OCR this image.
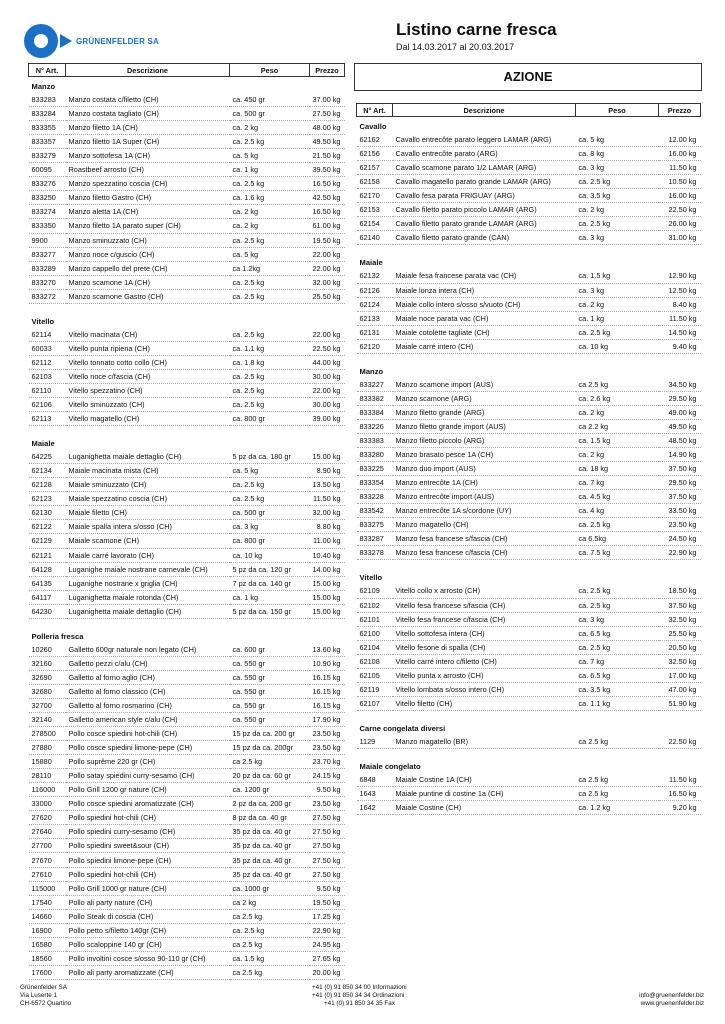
GRÜNENFELDER SA
Listino carne fresca
Dal 14.03.2017 al 20.03.2017
N° Art.	Descrizione	Peso	Prezzo
Manzo			
833283	Manzo costata c/filetto (CH)	ca. 450 gr	37.00 kg
833284	Manzo costata tagliato (CH)	ca. 500 gr	27.50 kg
833355	Manzo filetto 1A (CH)	ca. 2 kg	48.00 kg
833357	Manzo filetto 1A Super (CH)	ca. 2.5 kg	49.50 kg
833279	Manzo sottofesa 1A (CH)	ca. 5 kg	21.50 kg
60095	Roastbeef arrosto (CH)	ca. 1 kg	39.50 kg
833276	Manzo spezzatino coscia (CH)	ca. 2.5 kg	16.50 kg
833250	Manzo filetto Gastro (CH)	ca. 1.6 kg	42.50 kg
833274	Manzo aletta 1A (CH)	ca. 2 kg	16.50 kg
833350	Manzo filetto 1A parato super (CH)	ca. 2 kg	61.00 kg
9900	Manzo sminuzzato (CH)	ca. 2.5 kg	19.50 kg
833277	Manzo noce c/guscio (CH)	ca. 5 kg	22.00 kg
833289	Manzo cappello del prete (CH)	ca 1.2kg	22.00 kg
833270	Manzo scamone 1A (CH)	ca. 2.5 kg	32.00 kg
833272	Manzo scamone Gastro (CH)	ca. 2.5 kg	25.50 kg

Vitello			
62114	Vitello macinata (CH)	ca. 2.5 kg	22.00 kg
60033	Vitello punta ripiena (CH)	ca. 1.1 kg	22.50 kg
62112	Vitello tonnato cotto collo (CH)	ca. 1.8 kg	44.00 kg
62103	Vitello noce c/fascia (CH)	ca. 2.5 kg	30.00 kg
62110	Vitello spezzatino (CH)	ca. 2.5 kg	22.00 kg
62106	Vitello sminuzzato (CH)	ca. 2.5 kg	30.00 kg
62113	Vitello magatello (CH)	ca. 800 gr	39.00 kg

Maiale			
64225	Luganighetta maiale dettaglio (CH)	5 pz da ca. 180 gr	15.00 kg
62134	Maiale macinata mista (CH)	ca. 5 kg	8.90 kg
62128	Maiale sminuzzato (CH)	ca. 2.5 kg	13.50 kg
62123	Maiale spezzatino coscia (CH)	ca. 2.5 kg	11.50 kg
62130	Maiale filetto (CH)	ca. 500 gr	32.00 kg
62122	Maiale spalla intera s/osso (CH)	ca. 3 kg	8.80 kg
62129	Maiale scamone (CH)	ca. 800 gr	11.00 kg
62121	Maiale carré lavorato (CH)	ca. 10 kg	10.40 kg
64128	Luganighe maiale nostrane carnevale (CH)	5 pz da ca. 120 gr	14.00 kg
64135	Luganighe nostrane x griglia (CH)	7 pz da ca. 140 gr	15.00 kg
64117	Luganighetta maiale rotonda (CH)	ca. 1 kg	15.00 kg
64230	Luganighetta maiale dettaglio (CH)	5 pz da ca. 150 gr	15.00 kg

Polleria fresca			
10260	Galletto 600gr naturale non legato (CH)	ca. 600 gr	13.60 kg
32160	Galletto pezzi c/alu (CH)	ca. 550 gr	10.90 kg
32690	Galletto al forno aglio (CH)	ca. 550 gr	16.15 kg
32680	Galletto al forno classico (CH)	ca. 550 gr	16.15 kg
32700	Galletto al forno rosmarino (CH)	ca. 550 gr	16.15 kg
32140	Galletto american style c/alu (CH)	ca. 550 gr	17.90 kg
278500	Pollo cosce spiedini hot-chili (CH)	15 pz da ca. 200 gr	23.50 kg
27880	Pollo cosce spiedini limone-pepe (CH)	15 pz da ca. 200gr	23.50 kg
15880	Pollo suprême 220 gr (CH)	ca 2.5 kg	23.70 kg
28110	Pollo satay spiedini curry-sesamo (CH)	20 pz da ca. 60 gr	24.15 kg
116000	Pollo Grill 1200 gr nature (CH)	ca. 1200 gr	9.50 kg
33000	Pollo cosce spiedini aromatizzate (CH)	2 pz da ca. 200 gr	23.50 kg
27620	Pollo spiedini hot-chili (CH)	8 pz da ca. 40 gr	27.50 kg
27640	Pollo spiedini curry-sesamo (CH)	35 pz da ca. 40 gr	27.50 kg
27700	Pollo spiedini sweet&sour (CH)	35 pz da ca. 40 gr	27.50 kg
27670	Pollo spiedini limone-pepe (CH)	35 pz da ca. 40 gr	27.50 kg
27610	Pollo spiedini hot-chili (CH)	35 pz da ca. 40 gr	27.50 kg
115000	Pollo Grill 1000 gr nature (CH)	ca. 1000 gr	9.50 kg
17540	Pollo ali party nature (CH)	ca 2 kg	19.50 kg
14660	Pollo Steak di coscia (CH)	ca 2.5 kg	17.25 kg
16900	Pollo petto s/filetto 140gr (CH)	ca. 2.5 kg	22.90 kg
16580	Pollo scaloppine 140 gr (CH)	ca 2.5 kg	24.95 kg
18560	Pollo involtini cosce s/osso 90-110 gr (CH)	ca. 1.5 kg	27.65 kg
17600	Pollo ali party aromatizzate (CH)	ca 2.5 kg	20.00 kg
AZIONE
N° Art.	Descrizione	Peso	Prezzo
Cavallo			
62162	Cavallo entrecôte parato leggero LAMAR (ARG)	ca. 5 kg	12.00 kg
62156	Cavallo entrecôte parato (ARG)	ca. 8 kg	16.00 kg
62157	Cavallo scamone parato 1/2 LAMAR (ARG)	ca. 3 kg	11.50 kg
62158	Cavallo magatello parato grande LAMAR (ARG)	ca. 2.5 kg	10.50 kg
62170	Cavallo fesa parata FRIGUAY (ARG)	ca. 3.5 kg	16.00 kg
62153	Cavallo filetto parato piccolo LAMAR (ARG)	ca. 2 kg	22.50 kg
62154	Cavallo filetto parato grande LAMAR (ARG)	ca. 2.5 kg	26.00 kg
62140	Cavallo filetto parato grande (CAN)	ca. 3 kg	31.00 kg

Maiale			
62132	Maiale fesa francese parata vac (CH)	ca. 1.5 kg	12.90 kg
62126	Maiale lonza intera (CH)	ca. 3 kg	12.50 kg
62124	Maiale collo intero s/osso s/vuoto (CH)	ca. 2 kg	8.40 kg
62133	Maiale noce parata vac (CH)	ca. 1 kg	11.50 kg
62131	Maiale cotolette tagliate (CH)	ca. 2.5 kg	14.50 kg
62120	Maiale carré intero (CH)	ca. 10 kg	9.40 kg

Manzo			
833227	Manzo scamone import (AUS)	ca 2.5 kg	34.50 kg
833382	Manzo scamone (ARG)	ca. 2.6 kg	29.50 kg
833384	Manzo filetto grande (ARG)	ca. 2 kg	49.00 kg
833226	Manzo filetto grande import (AUS)	ca 2.2 kg	49.50 kg
833383	Manzo filetto piccolo (ARG)	ca. 1.5 kg	48.50 kg
833280	Manzo brasato pesce 1A (CH)	ca. 2 kg	14.90 kg
833225	Manzo duo import (AUS)	ca. 18 kg	37.50 kg
833354	Manzo entrecôte 1A (CH)	ca. 7 kg	29.50 kg
833228	Manzo entrecôte import (AUS)	ca. 4.5 kg	37.50 kg
833542	Manzo entrecôte 1A s/cordone (UY)	ca. 4 kg	33.50 kg
833275	Manzo magatello (CH)	ca. 2.5 kg	23.50 kg
833287	Manzo fesa francese s/fascia (CH)	ca 6.5kg	24.50 kg
833278	Manzo fesa francese c/fascia (CH)	ca. 7.5 kg	22.90 kg

Vitello			
62109	Vitello collo x arrosto (CH)	ca. 2.5 kg	18.50 kg
62102	Vitello fesa francese s/fascia (CH)	ca. 2.5 kg	37.50 kg
62101	Vitello fesa francese c/fascia (CH)	ca. 3 kg	32.50 kg
62100	Vitello sottofesa intera (CH)	ca. 6.5 kg	25.50 kg
62104	Vitello fesone di spalla (CH)	ca. 2.5 kg	20.50 kg
62108	Vitello carré intero c/filetto (CH)	ca. 7 kg	32.50 kg
62105	Vitello punta x arrosto (CH)	ca. 6.5 kg	17.00 kg
62119	Vitello lombata s/osso intero (CH)	ca. 3.5 kg	47.00 kg
62107	Vitello filetto (CH)	ca. 1.1 kg	51.90 kg

Carne congelata diversi			
1129	Manzo magatello (BR)	ca 2.5 kg	22.50 kg

Maiale congelato			
6848	Maiale Costine 1A (CH)	ca 2.5 kg	11.50 kg
1643	Maiale puntine di costine 1a (CH)	ca 2.5 kg	16.50 kg
1642	Maiale Costine (CH)	ca. 1.2 kg	9.20 kg
Grünenfelder SA
Via Luserte 1
CH-6572 Quartino
+41 (0) 91 850 34 00 Informazioni
+41 (0) 91 850 34 34 Ordinazioni
+41 (0) 91 850 34 35 Fax
info@gruenenfelder.biz
www.gruenenfelder.biz
